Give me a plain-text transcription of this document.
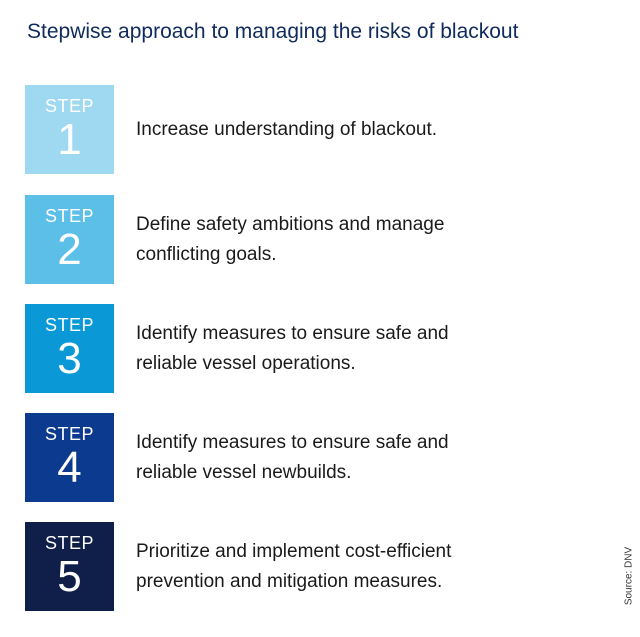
Stepwise approach to managing the risks of blackout
STEP
1	Increase understanding of blackout.
STEP
2
Define safety ambitions and manage
conflicting goals.
STEP
3
Identify measures to ensure safe and
reliable vessel operations.
STEP
4
Identify measures to ensure safe and
reliable vessel newbuilds.
STEP
5
Prioritize and implement cost-efficient
prevention and mitigation measures.	Source: DNV
